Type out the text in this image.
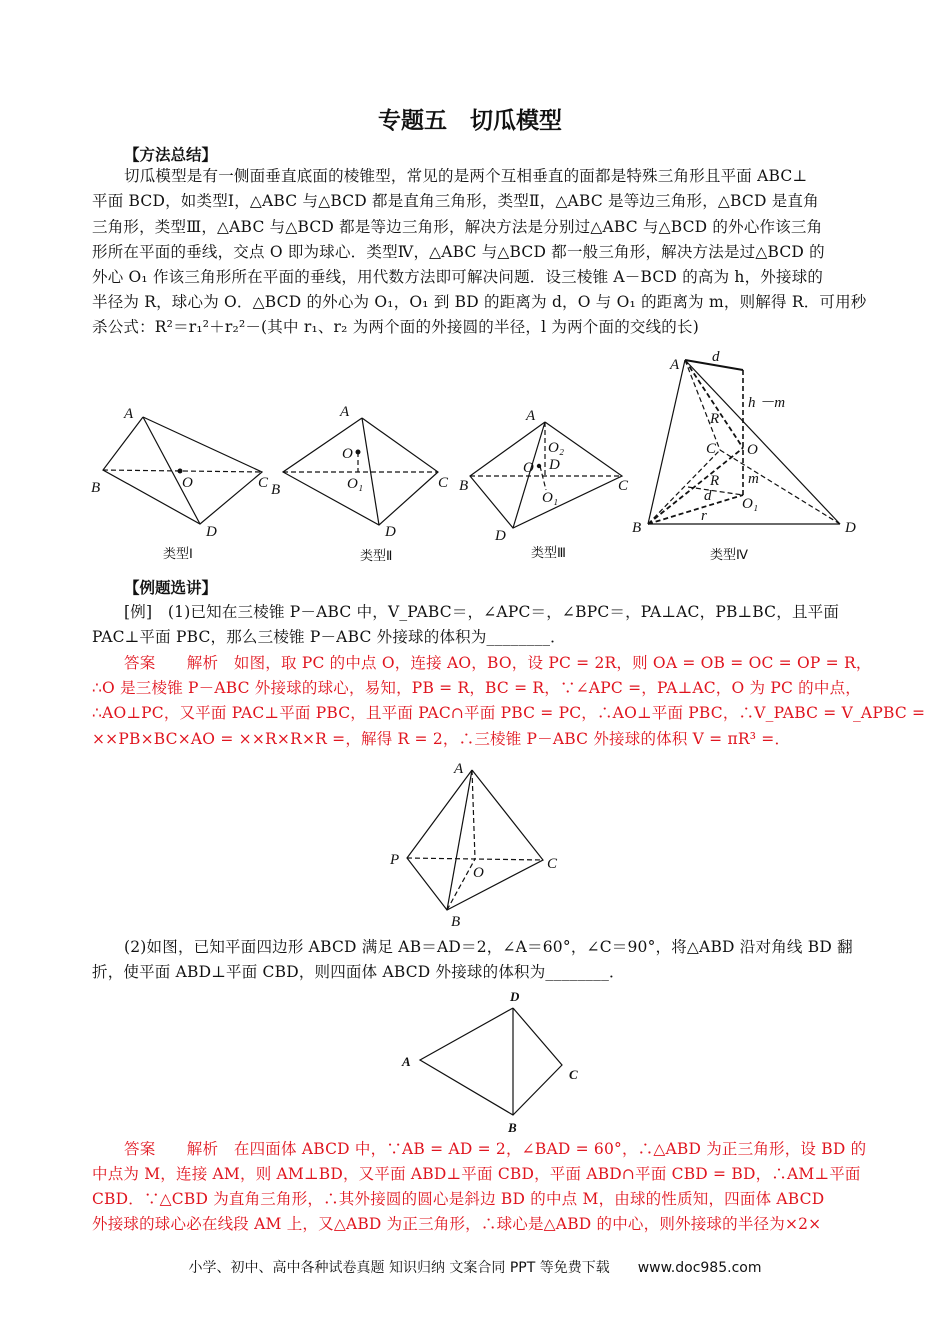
专题五　切瓜模型
【方法总结】
切瓜模型是有一侧面垂直底面的棱锥型，常见的是两个互相垂直的面都是特殊三角形且平面 ABC⊥
平面 BCD，如类型Ⅰ，△ABC 与△BCD 都是直角三角形，类型Ⅱ，△ABC 是等边三角形，△BCD 是直角
三角形，类型Ⅲ，△ABC 与△BCD 都是等边三角形，解决方法是分别过△ABC 与△BCD 的外心作该三角
形所在平面的垂线，交点 O 即为球心．类型Ⅳ，△ABC 与△BCD 都一般三角形，解决方法是过△BCD 的
外心 O₁ 作该三角形所在平面的垂线，用代数方法即可解决问题．设三棱锥 A－BCD 的高为 h，外接球的
半径为 R，球心为 O．△BCD 的外心为 O₁，O₁ 到 BD 的距离为 d，O 与 O₁ 的距离为 m，则解得 R．可用秒
杀公式：R²＝r₁²＋r₂²－(其中 r₁、r₂ 为两个面的外接圆的半径，l 为两个面的交线的长)
A
B	C
D
O
类型Ⅰ
A
B	C
D
O
O₁
类型Ⅱ
A
B	C
D
O₂
O D
O₁
类型Ⅲ
A d
h －m
R
C O
m
R
d O₁
r
B	D
类型Ⅳ
A
P	C
B
O
D
A
C
B
【例题选讲】
[例]　(1)已知在三棱锥 P－ABC 中，V_PABC＝，∠APC＝，∠BPC＝，PA⊥AC，PB⊥BC，且平面
PAC⊥平面 PBC，那么三棱锥 P－ABC 外接球的体积为________．
答案　　解析　如图，取 PC 的中点 O，连接 AO，BO，设 PC = 2R，则 OA = OB = OC = OP = R，
∴O 是三棱锥 P－ABC 外接球的球心，易知，PB = R，BC = R，∵∠APC =，PA⊥AC，O 为 PC 的中点，
∴AO⊥PC，又平面 PAC⊥平面 PBC，且平面 PAC∩平面 PBC = PC，∴AO⊥平面 PBC，∴V_PABC = V_APBC =
××PB×BC×AO = ××R×R×R =，解得 R = 2，∴三棱锥 P－ABC 外接球的体积 V = πR³ =．
(2)如图，已知平面四边形 ABCD 满足 AB＝AD＝2，∠A＝60°，∠C＝90°，将△ABD 沿对角线 BD 翻
折，使平面 ABD⊥平面 CBD，则四面体 ABCD 外接球的体积为________．
答案　　解析　在四面体 ABCD 中，∵AB = AD = 2，∠BAD = 60°，∴△ABD 为正三角形，设 BD 的
中点为 M，连接 AM，则 AM⊥BD，又平面 ABD⊥平面 CBD，平面 ABD∩平面 CBD = BD，∴AM⊥平面
CBD．∵△CBD 为直角三角形，∴其外接圆的圆心是斜边 BD 的中点 M，由球的性质知，四面体 ABCD
外接球的球心必在线段 AM 上，又△ABD 为正三角形，∴球心是△ABD 的中心，则外接球的半径为×2×
小学、初中、高中各种试卷真题 知识归纳 文案合同 PPT 等免费下载　　www.doc985.com
